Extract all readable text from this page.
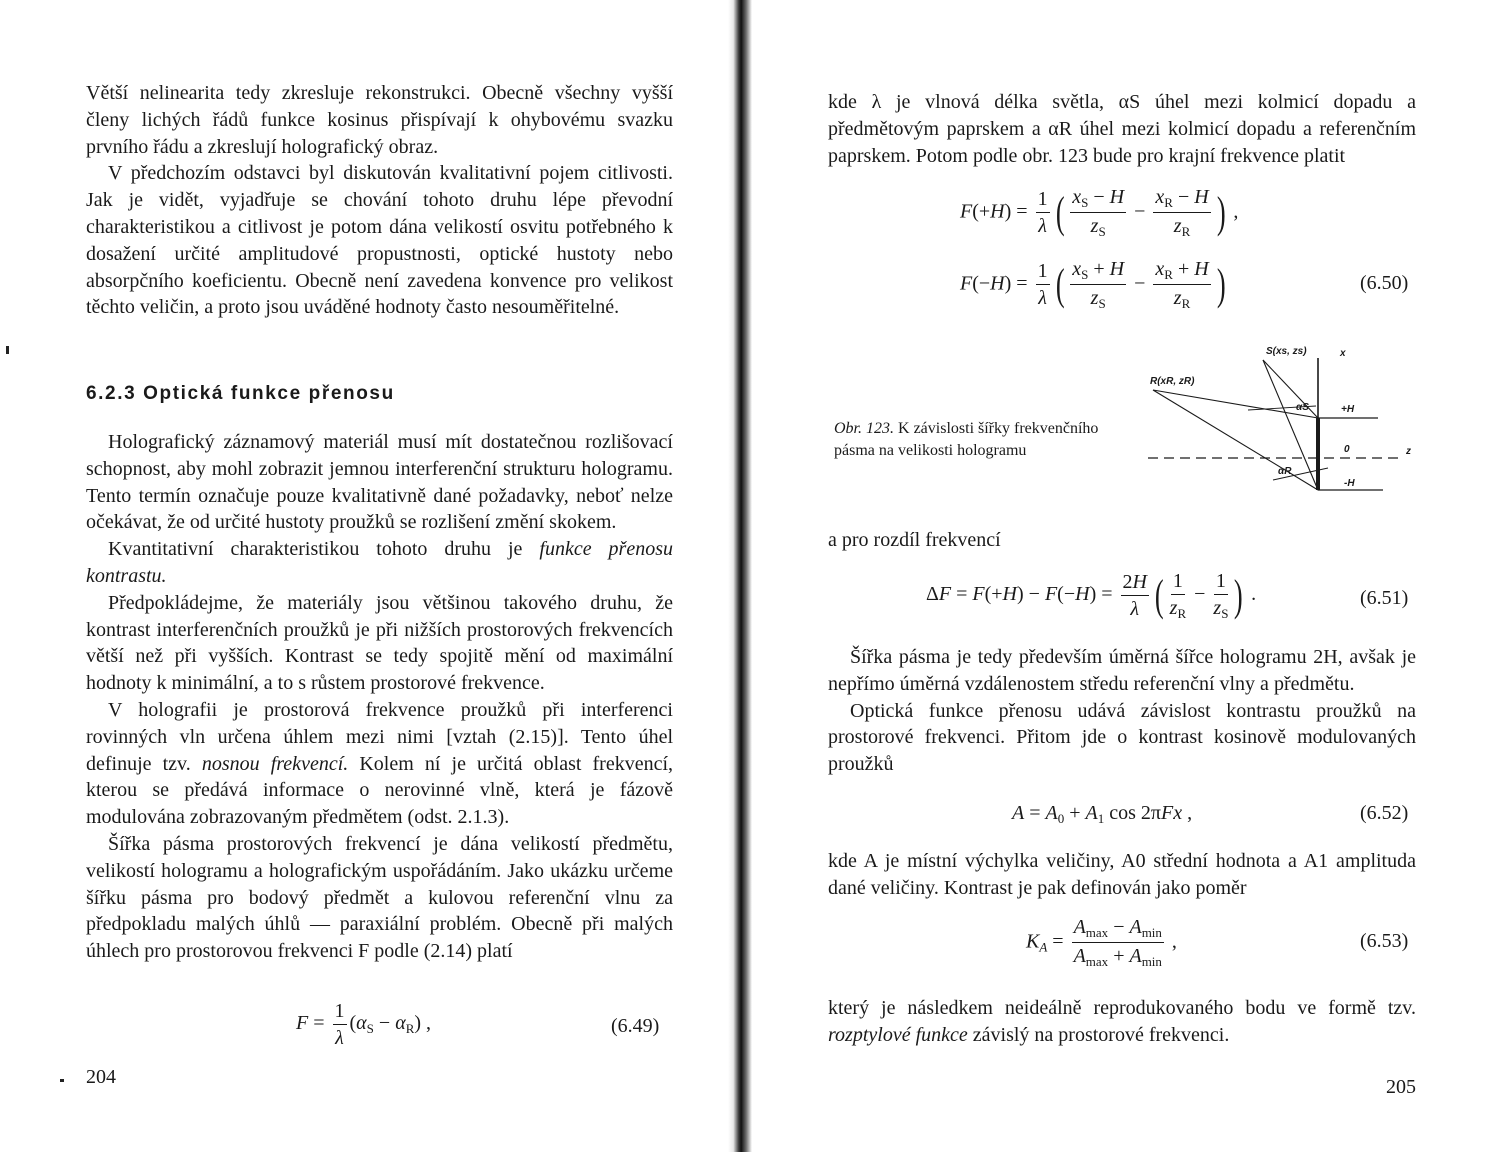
Větší nelinearita tedy zkresluje rekonstrukci. Obecně všechny vyšší členy lichých řádů funkce kosinus přispívají k ohybovému svazku prvního řádu a zkreslují holografický obraz.

V předchozím odstavci byl diskutován kvalitativní pojem citlivosti. Jak je vidět, vyjadřuje se chování tohoto druhu lépe převodní charakteristikou a citlivost je potom dána velikostí osvitu potřebného k dosažení určité amplitudové propustnosti, optické hustoty nebo absorpčního koeficientu. Obecně není zavedena konvence pro velikost těchto veličin, a proto jsou uváděné hodnoty často nesouměřitelné.

6.2.3 Optická funkce přenosu

Holografický záznamový materiál musí mít dostatečnou rozlišovací schopnost, aby mohl zobrazit jemnou interferenční strukturu hologramu. Tento termín označuje pouze kvalitativně dané požadavky, neboť nelze očekávat, že od určité hustoty proužků se rozlišení změní skokem.

Kvantitativní charakteristikou tohoto druhu je funkce přenosu kontrastu.

Předpokládejme, že materiály jsou většinou takového druhu, že kontrast interferenčních proužků je při nižších prostorových frekvencích větší než při vyšších. Kontrast se tedy spojitě mění od maximální hodnoty k minimální, a to s růstem prostorové frekvence.

V holografii je prostorová frekvence proužků při interferenci rovinných vln určena úhlem mezi nimi [vztah (2.15)]. Tento úhel definuje tzv. nosnou frekvencí. Kolem ní je určitá oblast frekvencí, kterou se předává informace o nerovinné vlně, která je fázově modulována zobrazovaným předmětem (odst. 2.1.3).

Šířka pásma prostorových frekvencí je dána velikostí předmětu, velikostí hologramu a holografickým uspořádáním. Jako ukázku určeme šířku pásma pro bodový předmět a kulovou referenční vlnu za předpokladu malých úhlů — paraxiální problém. Obecně při malých úhlech pro prostorovou frekvenci F podle (2.14) platí

$F = \frac{1}{\lambda} (\alpha_S - \alpha_R)$ ,	(6.49)
204

kde λ je vlnová délka světla, αS úhel mezi kolmicí dopadu a předmětovým paprskem a αR úhel mezi kolmicí dopadu a referenčním paprskem. Potom podle obr. 123 bude pro krajní frekvence platit

$F(+H) = \frac{1}{\lambda}$ ( $\frac{x_S - H}{z_S} - \frac{x_R - H}{z_R}$ ) ,
$F(-H) = \frac{1}{\lambda}$ ( $\frac{x_S + H}{z_S} - \frac{x_R + H}{z_R}$ )	(6.50)
Obr. 123. K závislosti šířky frekvenčního pásma na velikosti hologramu
S(xs, zs)
R(xR, zR)
x
z
+H
0
-H
αR
αS

a pro rozdíl frekvencí

$\Delta F = F(+H) - F(-H) = \frac{2H}{\lambda}$ ( $\frac{1}{z_R} - \frac{1}{z_S}$ ) .	(6.51)

Šířka pásma je tedy především úměrná šířce hologramu 2H, avšak je nepřímo úměrná vzdálenostem středu referenční vlny a předmětu.

Optická funkce přenosu udává závislost kontrastu proužků na prostorové frekvenci. Přitom jde o kontrast kosinově modulovaných proužků

$A = A_0 + A_1$ cos 2πFx ,	(6.52)

kde A je místní výchylka veličiny, A0 střední hodnota a A1 amplituda dané veličiny. Kontrast je pak definován jako poměr

$K_A = \frac{A_{max} - A_{min}}{A_{max} + A_{min}}$ ,	(6.53)

který je následkem neideálně reprodukovaného bodu ve formě tzv. rozptylové funkce závislý na prostorové frekvenci.

205
